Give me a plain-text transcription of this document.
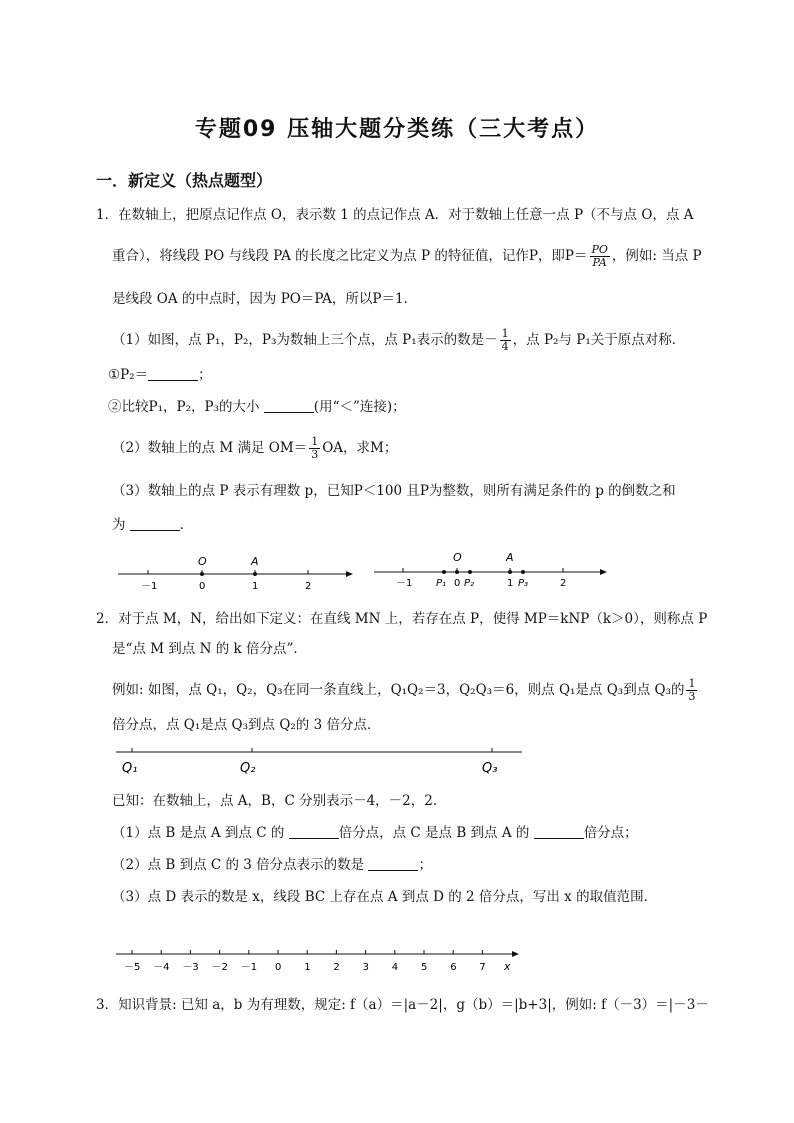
专题09 压轴大题分类练（三大考点）
一．新定义（热点题型）
1．在数轴上，把原点记作点 O，表示数 1 的点记作点 A．对于数轴上任意一点 P（不与点 O，点 A
重合），将线段 PO 与线段 PA 的长度之比定义为点 P 的特征值，记作P，即$P= \frac{PO}{PA}$ ，例如: 当点 P
是线段 OA 的中点时，因为 PO＝PA，所以P＝1．
（1）如图，点 P₁，P₂，P₃为数轴上三个点，点 P₁表示的数是－ $\frac{1}{4}$ ，点 P₂与 P₁关于原点对称．
①P₂＝	；
②比较P₁，P₂，P₃的大小	(用“＜”连接)；
（2）数轴上的点 M 满足 $OM= \frac{1}{3}$ OA，求M；
（3）数轴上的点 P 表示有理数 p，已知P＜100 且P为整数，则所有满足条件的 p 的倒数之和
为	．
O	A
－1	0	1	2
O	A
－1 P₁ 0 P₂	1 P₃	2
2．对于点 M，N，给出如下定义：在直线 MN 上，若存在点 P，使得 MP＝kNP（k＞0），则称点 P
是“点 M 到点 N 的 k 倍分点”．
例如: 如图，点 Q₁，Q₂，Q₃在同一条直线上，Q₁Q₂＝3，Q₂Q₃＝6，则点 Q₁是点 Q₃到点 Q₃的 $\frac{1}{3}$
倍分点，点 Q₁是点 Q₃到点 Q₂的 3 倍分点．
Q₁	Q₂	Q₃
已知：在数轴上，点 A，B，C 分别表示－4，－2，2．
（1）点 B 是点 A 到点 C 的	倍分点，点 C 是点 B 到点 A 的	倍分点；
（2）点 B 到点 C 的 3 倍分点表示的数是	；
（3）点 D 表示的数是 x，线段 BC 上存在点 A 到点 D 的 2 倍分点，写出 x 的取值范围．
－5 －4 －3 －2 －1 0 1 2 3 4 5 6 7 x
3．知识背景: 已知 a，b 为有理数，规定: f（a）＝|a－2|，g（b）＝|b+3|，例如: f（－3）＝|－3－
